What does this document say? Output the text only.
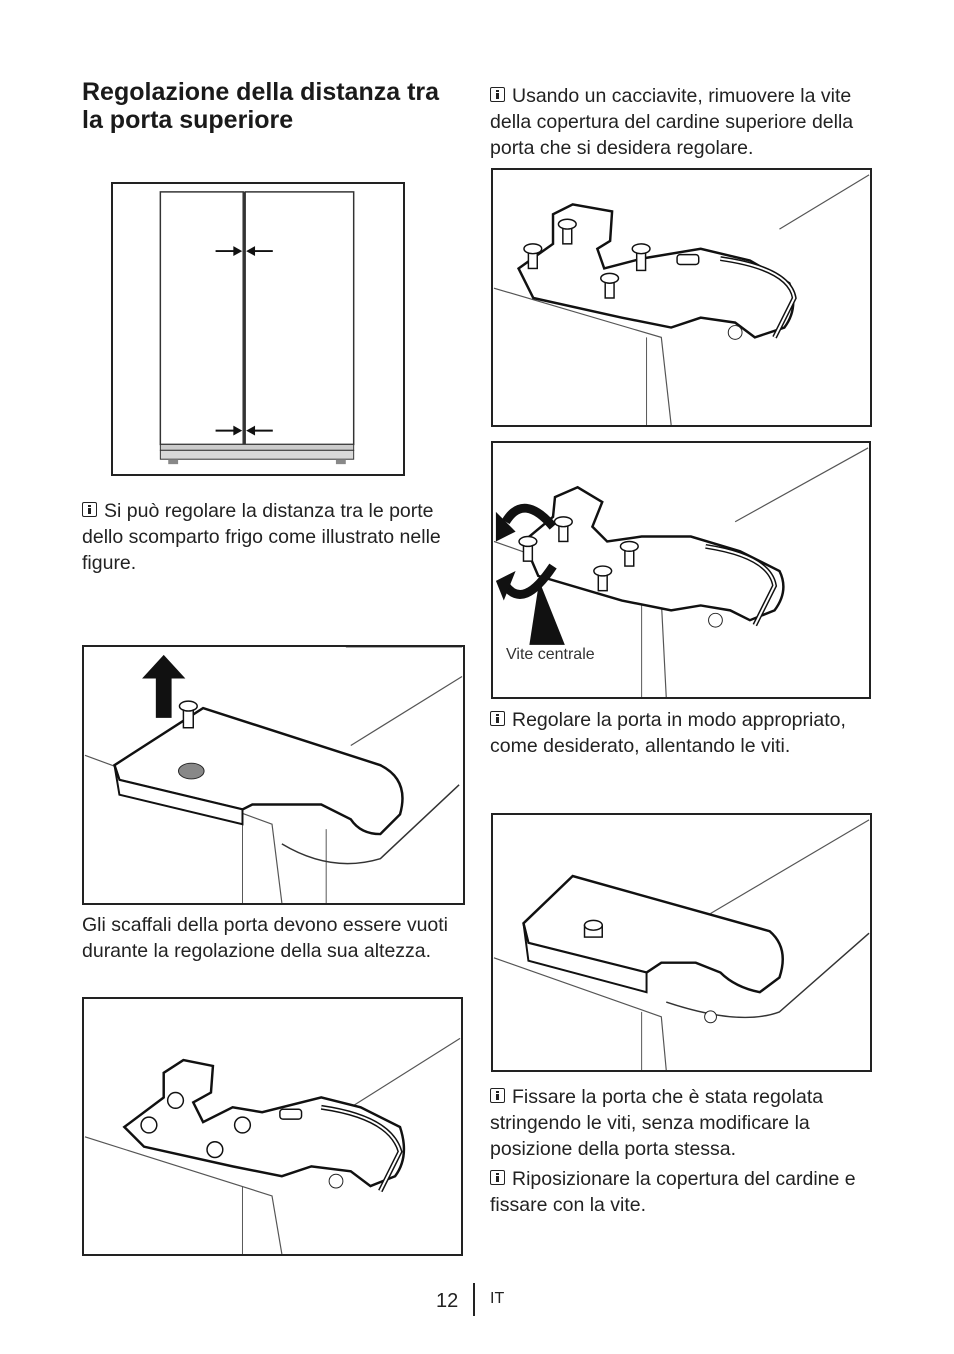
Regolazione della distanza tra la porta superiore
Si può regolare la distanza tra le porte dello scomparto frigo come illustrato nelle figure.
Gli scaffali della porta devono essere vuoti durante la regolazione della sua altezza.
Usando un cacciavite, rimuovere la vite della copertura del cardine superiore della porta che si desidera regolare.
Vite centrale
Regolare la porta in modo appropriato, come desiderato, allentando le viti.
Fissare la porta che è stata regolata stringendo le viti, senza modificare la posizione della porta stessa.
Riposizionare la copertura del cardine e fissare con la vite.
12 IT
